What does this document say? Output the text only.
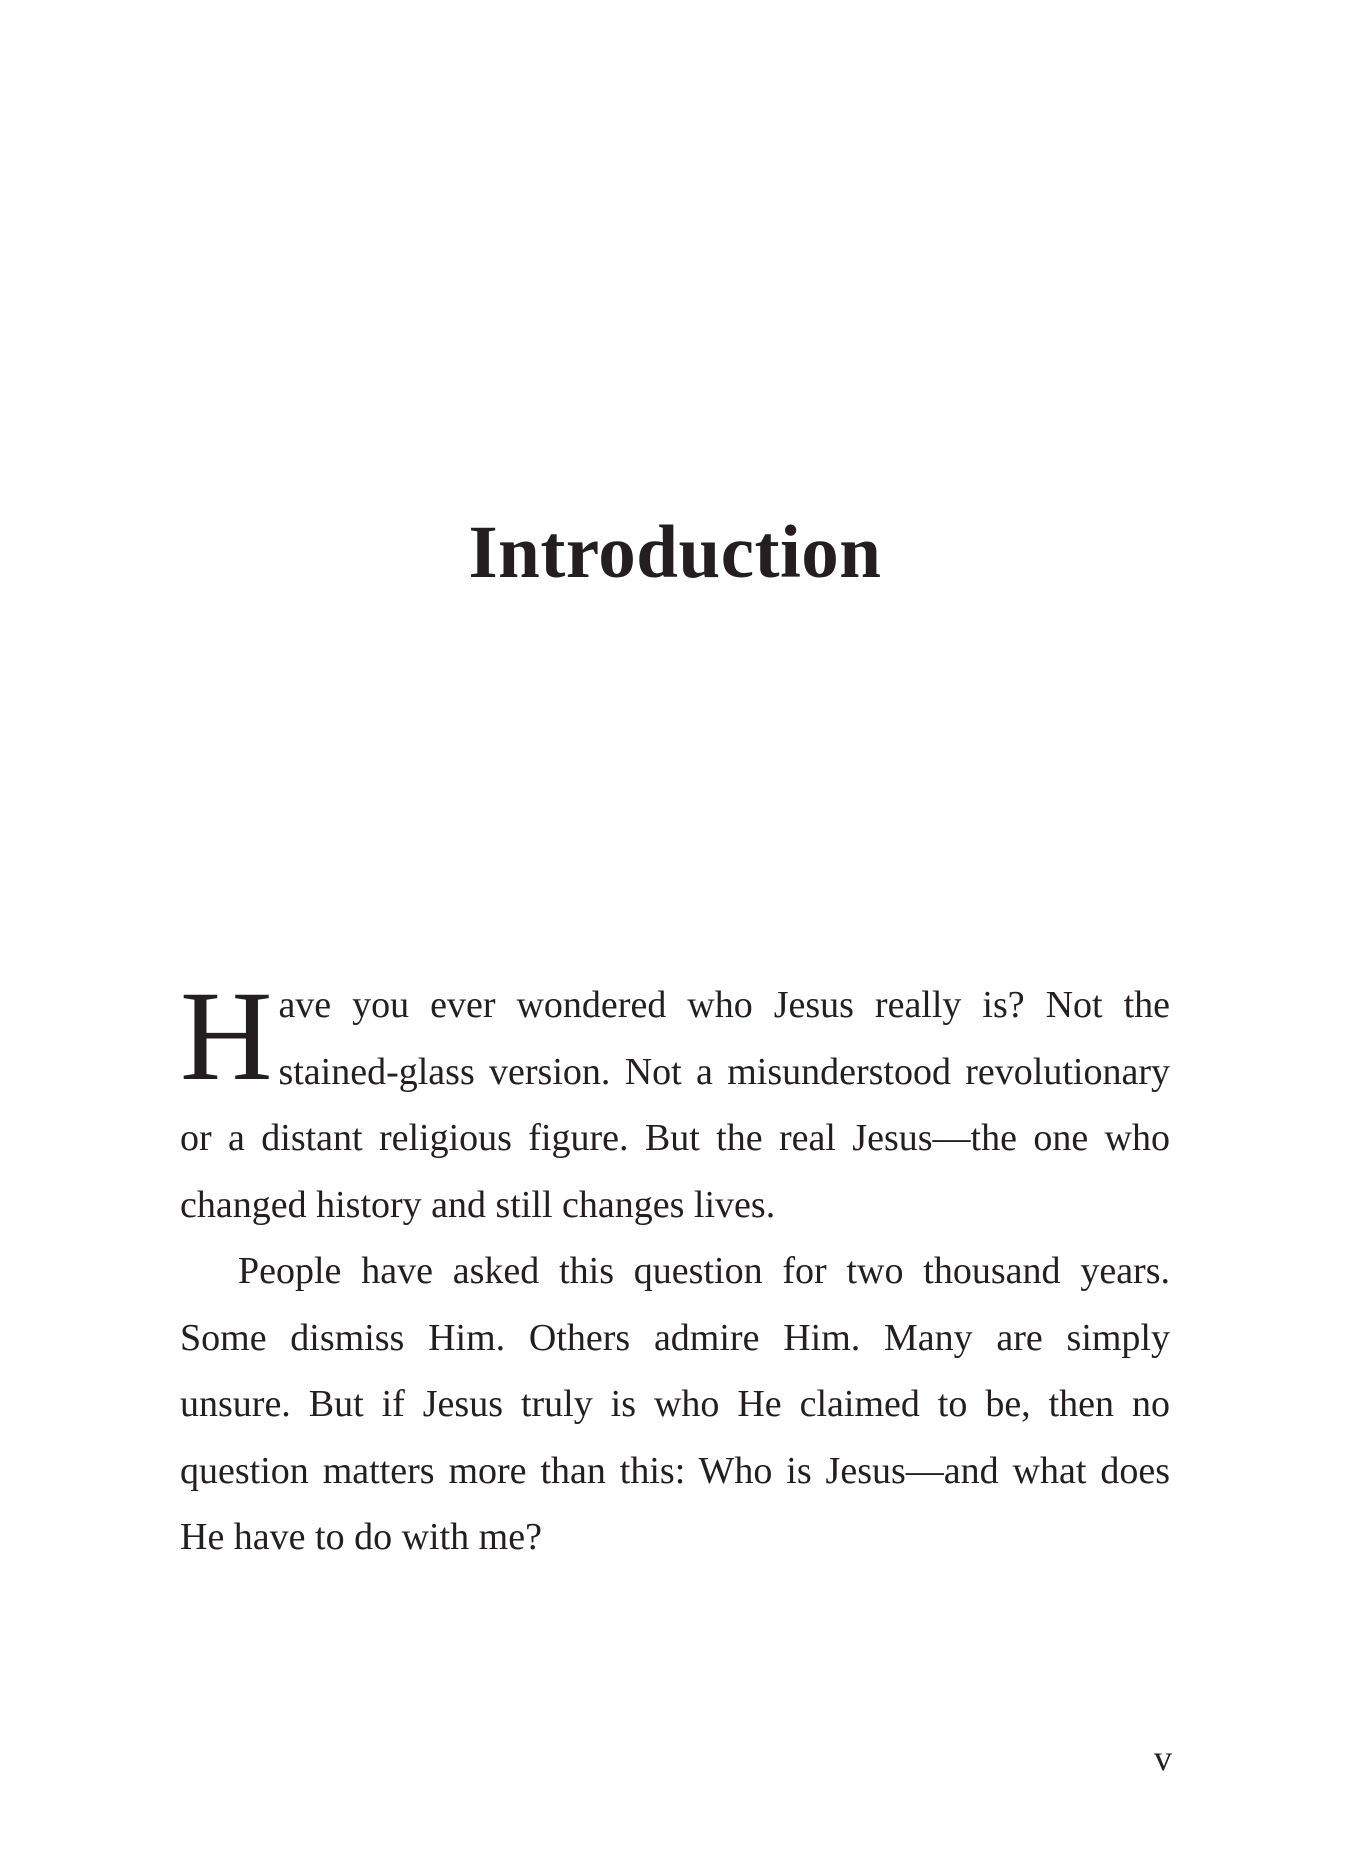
Introduction

Have you ever wondered who Jesus really is? Not the stained-glass version. Not a misunderstood revolutionary or a distant religious figure. But the real Jesus—the one who changed history and still changes lives.

People have asked this question for two thousand years. Some dismiss Him. Others admire Him. Many are simply unsure. But if Jesus truly is who He claimed to be, then no question matters more than this: Who is Jesus—and what does He have to do with me?

v
